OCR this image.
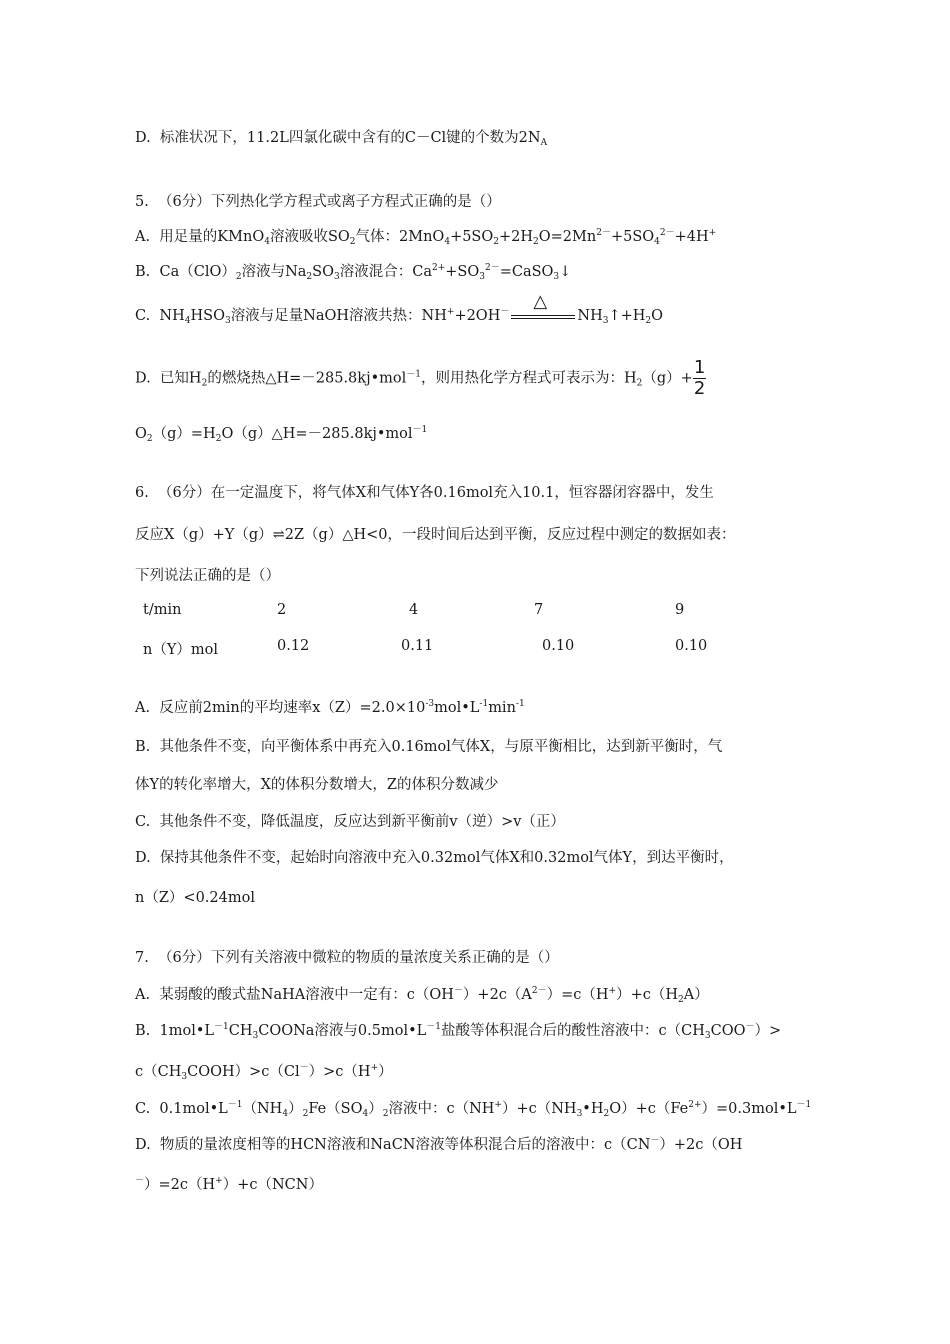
D.  标准状况下，11.2L四氯化碳中含有的C－Cl键的个数为$2N_A$
5.  （6分）下列热化学方程式或离子方程式正确的是（）
A.  用足量的KMnO$_4$溶液吸收$SO_2$气体：$2MnO_4+5SO_2+2H_2O=2Mn^{2-}+5SO_4^{2-}+4H^+$
B.  $Ca(ClO)_2$溶液与$Na_2SO_3$溶液混合：$Ca^{2+}+SO_3^{2-}=CaSO_3↓$
C.  $NH_4HSO_3$溶液与足量NaOH溶液共热：NH++2OH－ △
$NH_3↑+H_2O$
D.  已知$H_2$的燃烧热△H=－285.8kj•mol$^{-1}$，则用热化学方程式可表示为：$H_2(g)+ \frac{1}{2}$
$O_2(g)=H_2O(g)\triangle H=-285.8kj•mol^{-1}$
6.  （6分）在一定温度下，将气体X和气体Y各0.16mol充入10.1，恒容器闭容器中，发生
反应X（g）+Y（g）⇌2Z（g）△H<0，一段时间后达到平衡，反应过程中测定的数据如表：
下列说法正确的是（）
t/min	2	4	7	9
n（Y）mol	0.12	0.11	0.10	0.10
A.  反应前2min的平均速率$x(Z)=2.0\times 10^{-3}mol•L^{-1}\min^{-1}$
B.  其他条件不变，向平衡体系中再充入0.16mol气体X，与原平衡相比，达到新平衡时，气
体Y的转化率增大，X的体积分数增大，Z的体积分数减少
C.  其他条件不变，降低温度，反应达到新平衡前v（逆）>v（正）
D.  保持其他条件不变，起始时向溶液中充入0.32mol气体X和0.32mol气体Y，到达平衡时，
n（Z）<0.24mol
7.  （6分）下列有关溶液中微粒的物质的量浓度关系正确的是（）
A.  某弱酸的酸式盐NaHA溶液中一定有：$c(OH^-)+2c(A^{2-})=c(H^+)+c(H_2A)$
B.  $1mol•L^{-1}CH_3COONa$溶液与$0.5mol•L^{-1}$盐酸等体积混合后的酸性溶液中：$c(CH_3COO^-)>$
$c(CH_3COOH)>c(Cl^-)>c(H^+)$
C.  $0.1mol•L^{-1}(NH_4)_2Fe(SO_4)_2$溶液中：$c(NH^+)+c(NH_3•H_2O)+c(Fe^{2+})=0.3mol•L^{-1}$
D.  物质的量浓度相等的HCN溶液和NaCN溶液等体积混合后的溶液中：c（CN－）+2c（OH
－）=2c（H+）+c（NCN）
